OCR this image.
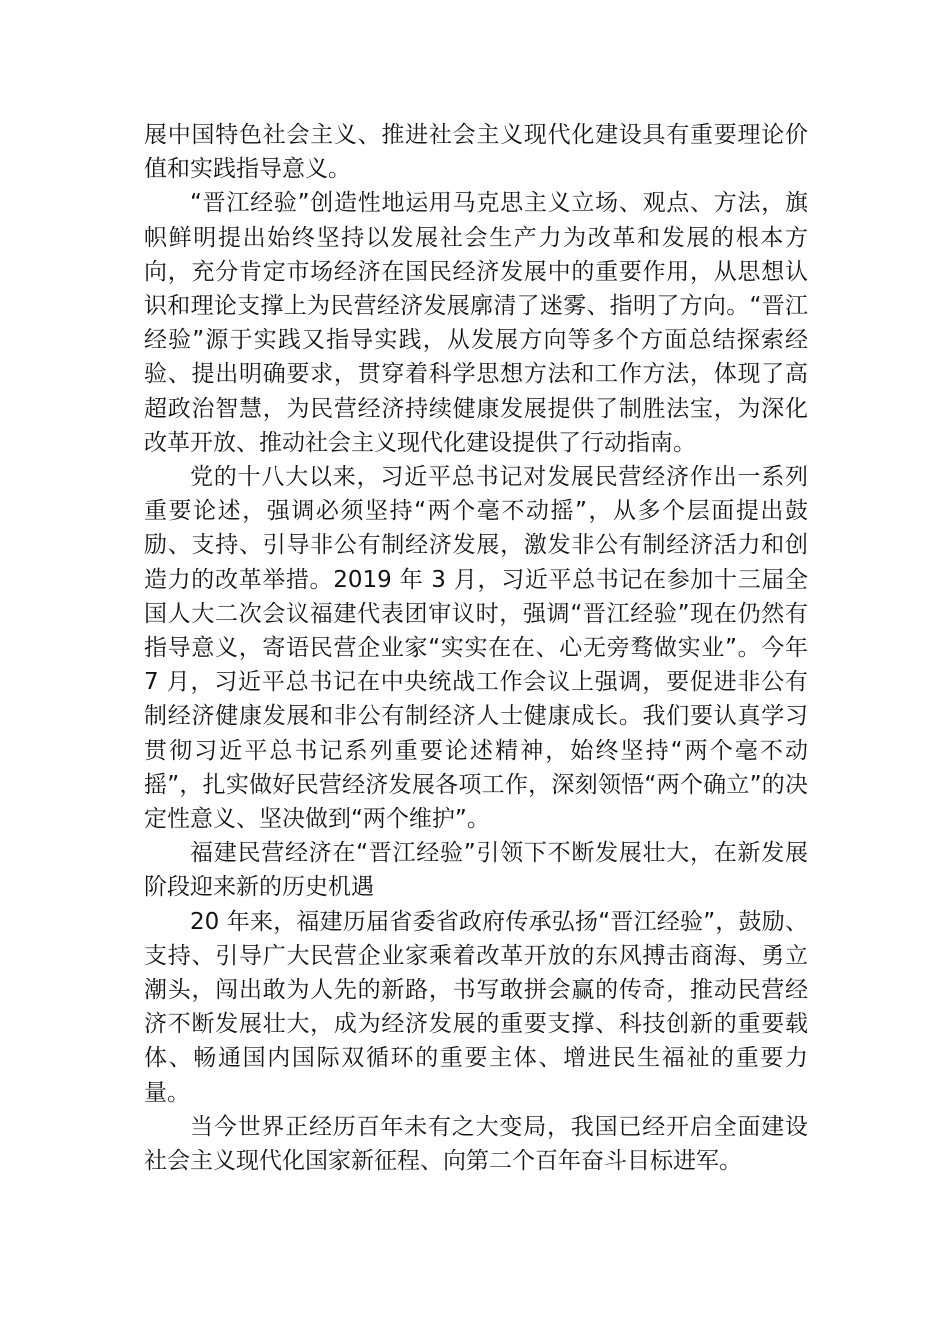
展中国特色社会主义、推进社会主义现代化建设具有重要理论价值和实践指导意义。

“晋江经验”创造性地运用马克思主义立场、观点、方法，旗帜鲜明提出始终坚持以发展社会生产力为改革和发展的根本方向，充分肯定市场经济在国民经济发展中的重要作用，从思想认识和理论支撑上为民营经济发展廓清了迷雾、指明了方向。“晋江经验”源于实践又指导实践，从发展方向等多个方面总结探索经验、提出明确要求，贯穿着科学思想方法和工作方法，体现了高超政治智慧，为民营经济持续健康发展提供了制胜法宝，为深化改革开放、推动社会主义现代化建设提供了行动指南。

党的十八大以来，习近平总书记对发展民营经济作出一系列重要论述，强调必须坚持“两个毫不动摇”，从多个层面提出鼓励、支持、引导非公有制经济发展，激发非公有制经济活力和创造力的改革举措。2019 年 3 月，习近平总书记在参加十三届全国人大二次会议福建代表团审议时，强调“晋江经验”现在仍然有指导意义，寄语民营企业家“实实在在、心无旁骛做实业”。今年 7 月，习近平总书记在中央统战工作会议上强调，要促进非公有制经济健康发展和非公有制经济人士健康成长。我们要认真学习贯彻习近平总书记系列重要论述精神，始终坚持“两个毫不动摇”，扎实做好民营经济发展各项工作，深刻领悟“两个确立”的决定性意义、坚决做到“两个维护”。

福建民营经济在“晋江经验”引领下不断发展壮大，在新发展阶段迎来新的历史机遇

20 年来，福建历届省委省政府传承弘扬“晋江经验”，鼓励、支持、引导广大民营企业家乘着改革开放的东风搏击商海、勇立潮头，闯出敢为人先的新路，书写敢拼会赢的传奇，推动民营经济不断发展壮大，成为经济发展的重要支撑、科技创新的重要载体、畅通国内国际双循环的重要主体、增进民生福祉的重要力量。

当今世界正经历百年未有之大变局，我国已经开启全面建设社会主义现代化国家新征程、向第二个百年奋斗目标进军。
